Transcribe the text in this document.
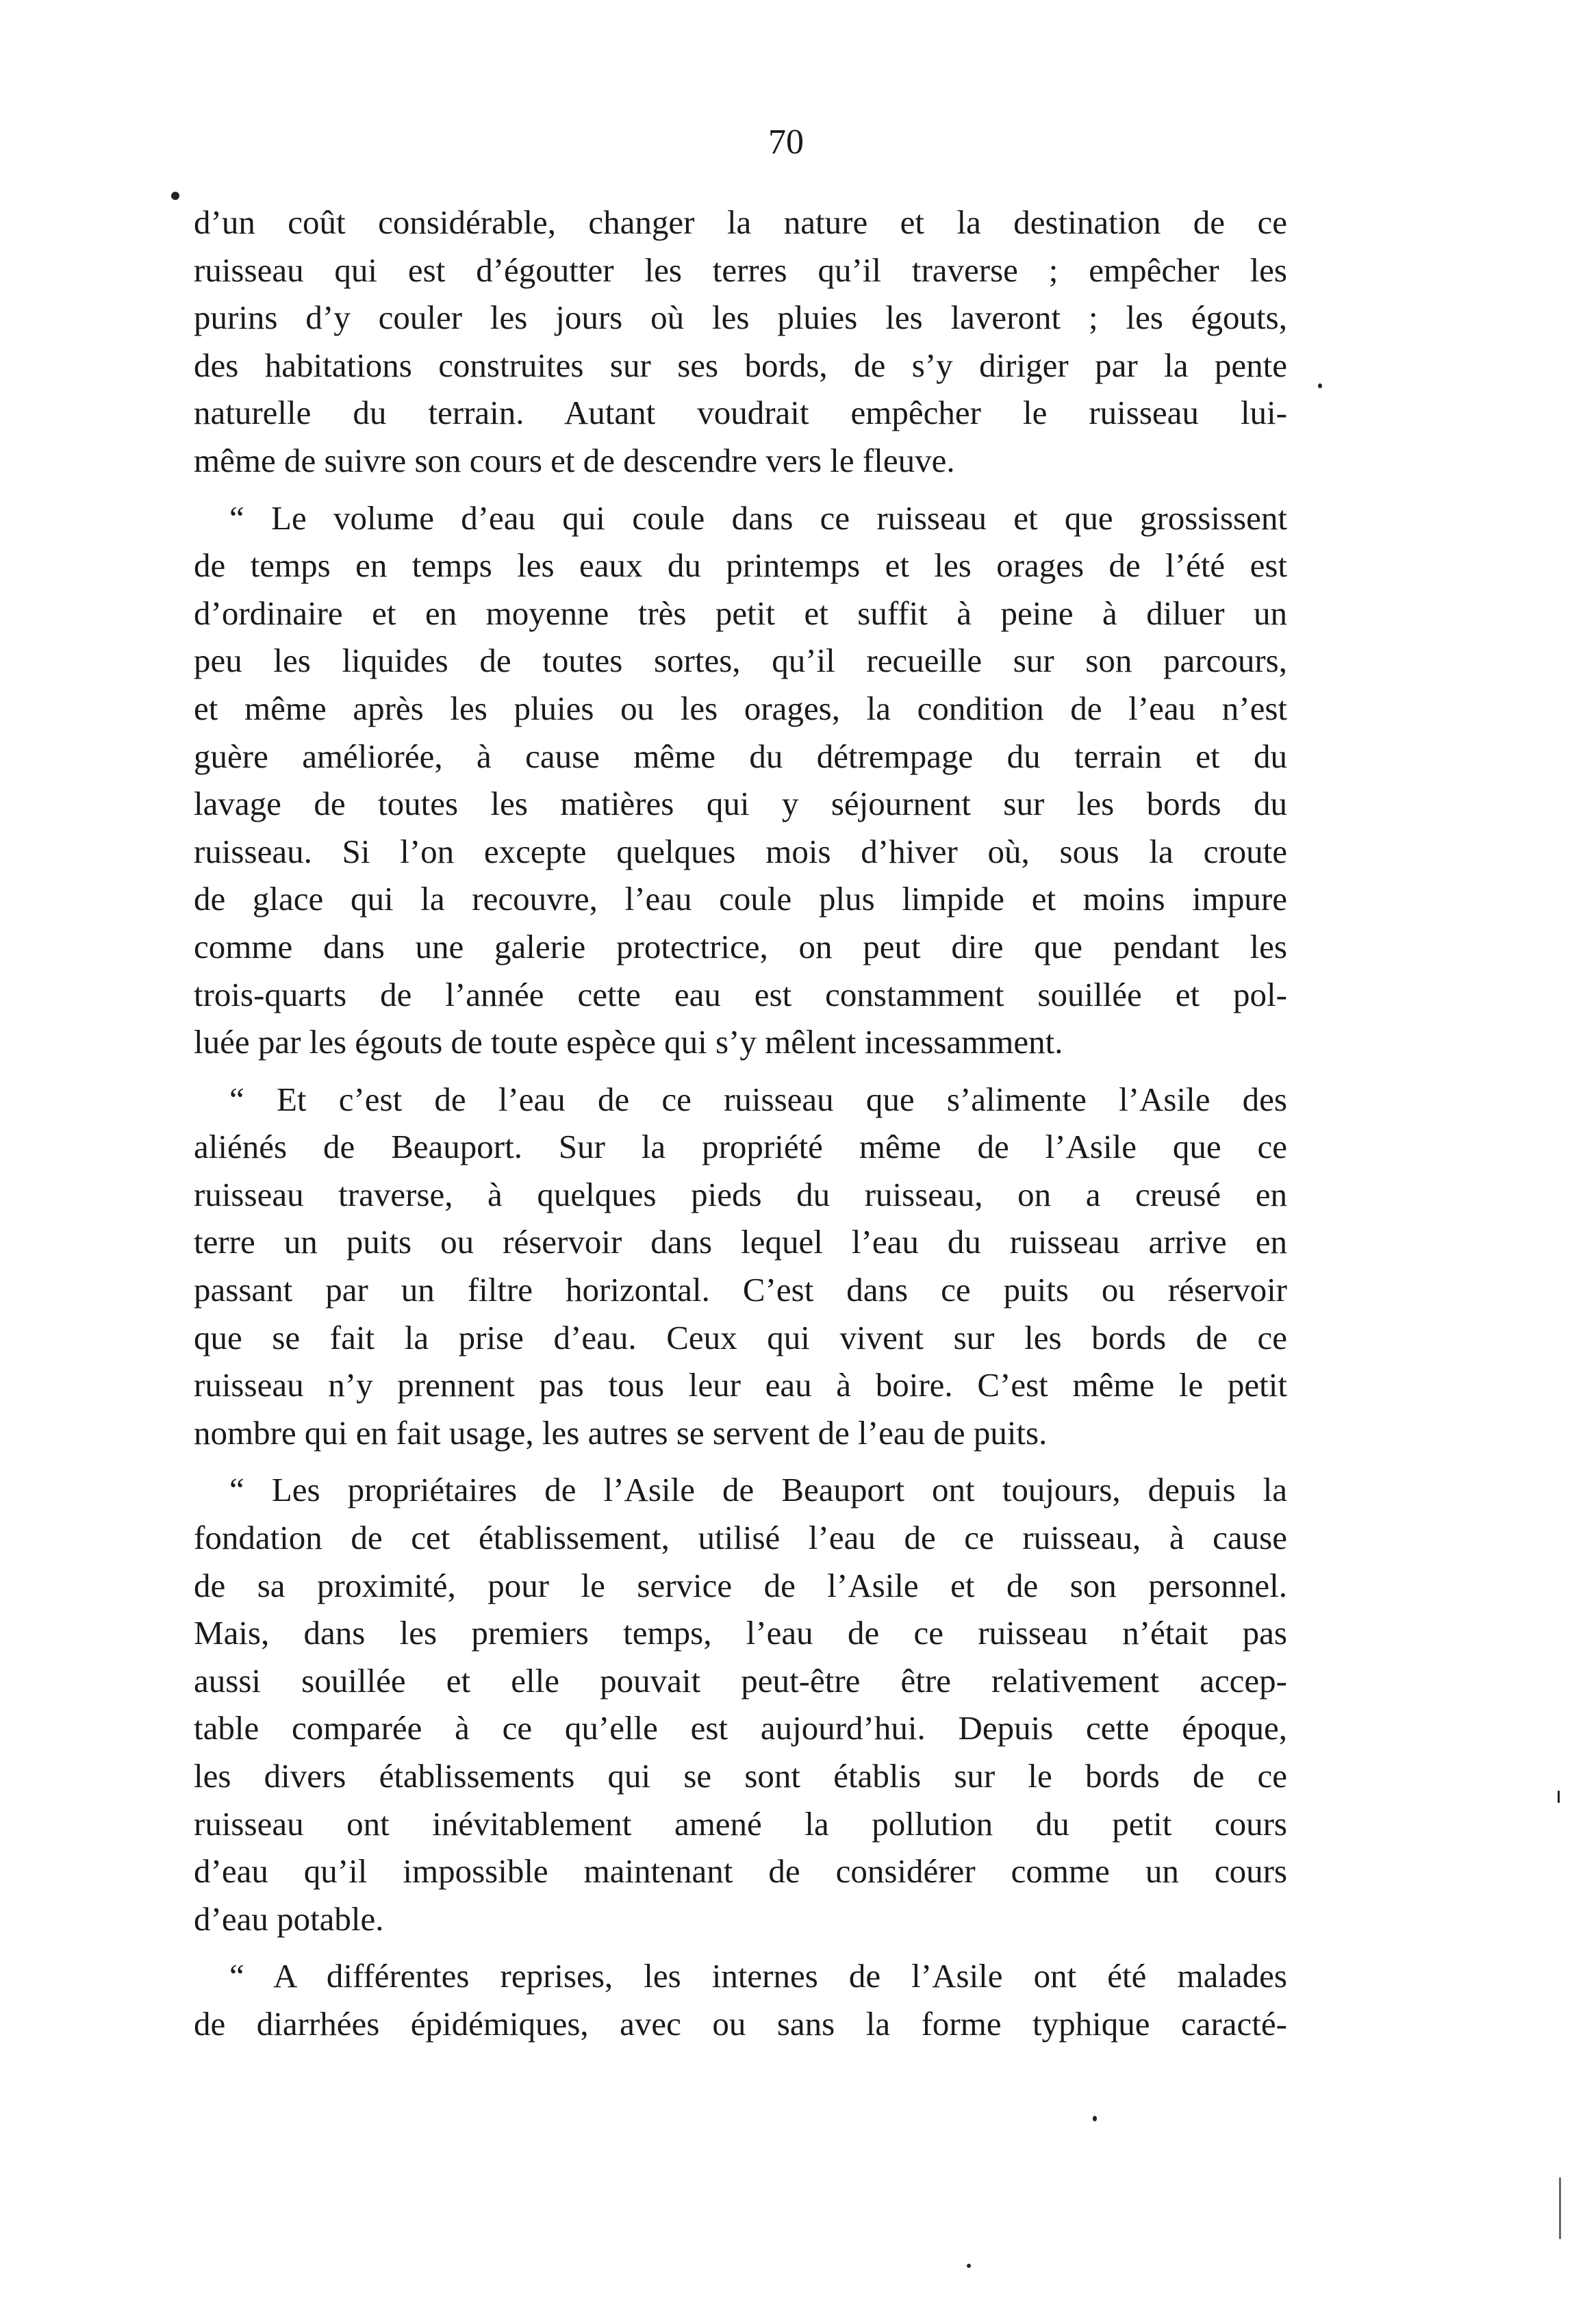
70
d’un coût considérable, changer la nature et la destination de ce
ruisseau qui est d’égoutter les terres qu’il traverse ; empêcher les
purins d’y couler les jours où les pluies les laveront ; les égouts,
des habitations construites sur ses bords, de s’y diriger par la pente
naturelle du terrain. Autant voudrait empêcher le ruisseau lui-
même de suivre son cours et de descendre vers le fleuve.
“ Le volume d’eau qui coule dans ce ruisseau et que grossissent
de temps en temps les eaux du printemps et les orages de l’été est
d’ordinaire et en moyenne très petit et suffit à peine à diluer un
peu les liquides de toutes sortes, qu’il recueille sur son parcours,
et même après les pluies ou les orages, la condition de l’eau n’est
guère améliorée, à cause même du détrempage du terrain et du
lavage de toutes les matières qui y séjournent sur les bords du
ruisseau. Si l’on excepte quelques mois d’hiver où, sous la croute
de glace qui la recouvre, l’eau coule plus limpide et moins impure
comme dans une galerie protectrice, on peut dire que pendant les
trois-quarts de l’année cette eau est constamment souillée et pol-
luée par les égouts de toute espèce qui s’y mêlent incessamment.
“ Et c’est de l’eau de ce ruisseau que s’alimente l’Asile des
aliénés de Beauport. Sur la propriété même de l’Asile que ce
ruisseau traverse, à quelques pieds du ruisseau, on a creusé en
terre un puits ou réservoir dans lequel l’eau du ruisseau arrive en
passant par un filtre horizontal. C’est dans ce puits ou réservoir
que se fait la prise d’eau. Ceux qui vivent sur les bords de ce
ruisseau n’y prennent pas tous leur eau à boire. C’est même le petit
nombre qui en fait usage, les autres se servent de l’eau de puits.
“ Les propriétaires de l’Asile de Beauport ont toujours, depuis la
fondation de cet établissement, utilisé l’eau de ce ruisseau, à cause
de sa proximité, pour le service de l’Asile et de son personnel.
Mais, dans les premiers temps, l’eau de ce ruisseau n’était pas
aussi souillée et elle pouvait peut-être être relativement accep-
table comparée à ce qu’elle est aujourd’hui. Depuis cette époque,
les divers établissements qui se sont établis sur le bords de ce
ruisseau ont inévitablement amené la pollution du petit cours
d’eau qu’il impossible maintenant de considérer comme un cours
d’eau potable.
“ A différentes reprises, les internes de l’Asile ont été malades
de diarrhées épidémiques, avec ou sans la forme typhique caracté-
